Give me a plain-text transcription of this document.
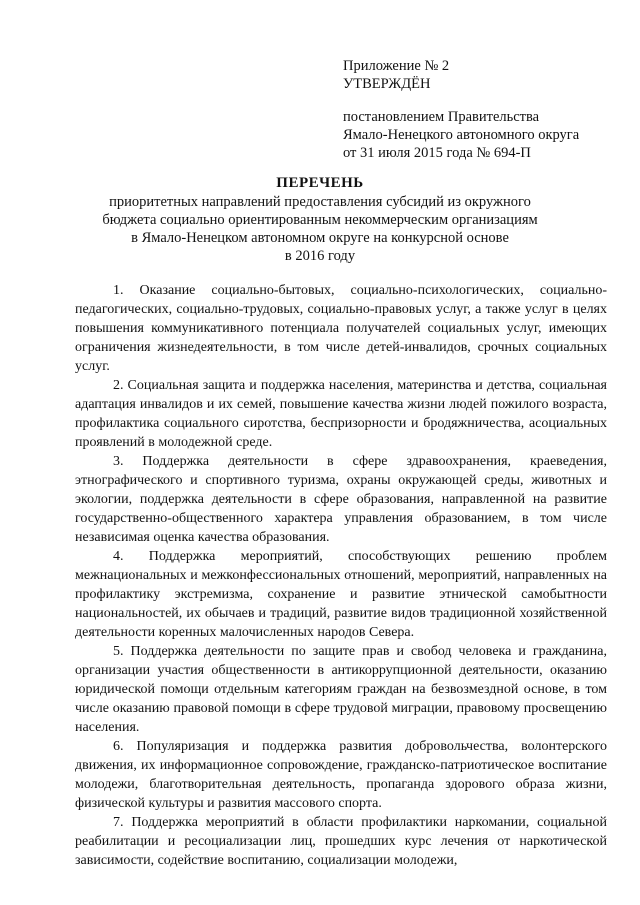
Приложение № 2
УТВЕРЖДЁН
постановлением Правительства
Ямало-Ненецкого автономного округа
от 31 июля 2015 года № 694-П
ПЕРЕЧЕНЬ
приоритетных направлений предоставления субсидий из окружного
бюджета социально ориентированным некоммерческим организациям
в Ямало-Ненецком автономном округе на конкурсной основе
в 2016 году

1. Оказание социально-бытовых, социально-психологических, социально-педагогических, социально-трудовых, социально-правовых услуг, а также услуг в целях повышения коммуникативного потенциала получателей социальных услуг, имеющих ограничения жизнедеятельности, в том числе детей-инвалидов, срочных социальных услуг.

2. Социальная защита и поддержка населения, материнства и детства, социальная адаптация инвалидов и их семей, повышение качества жизни людей пожилого возраста, профилактика социального сиротства, беспризорности и бродяжничества, асоциальных проявлений в молодежной среде.

3. Поддержка деятельности в сфере здравоохранения, краеведения, этнографического и спортивного туризма, охраны окружающей среды, животных и экологии, поддержка деятельности в сфере образования, направленной на развитие государственно-общественного характера управления образованием, в том числе независимая оценка качества образования.

4. Поддержка мероприятий, способствующих решению проблем межнациональных и межконфессиональных отношений, мероприятий, направленных на профилактику экстремизма, сохранение и развитие этнической самобытности национальностей, их обычаев и традиций, развитие видов традиционной хозяйственной деятельности коренных малочисленных народов Севера.

5. Поддержка деятельности по защите прав и свобод человека и гражданина, организации участия общественности в антикоррупционной деятельности, оказанию юридической помощи отдельным категориям граждан на безвозмездной основе, в том числе оказанию правовой помощи в сфере трудовой миграции, правовому просвещению населения.

6. Популяризация и поддержка развития добровольчества, волонтерского движения, их информационное сопровождение, гражданско-патриотическое воспитание молодежи, благотворительная деятельность, пропаганда здорового образа жизни, физической культуры и развития массового спорта.

7. Поддержка мероприятий в области профилактики наркомании, социальной реабилитации и ресоциализации лиц, прошедших курс лечения от наркотической зависимости, содействие воспитанию, социализации молодежи,
